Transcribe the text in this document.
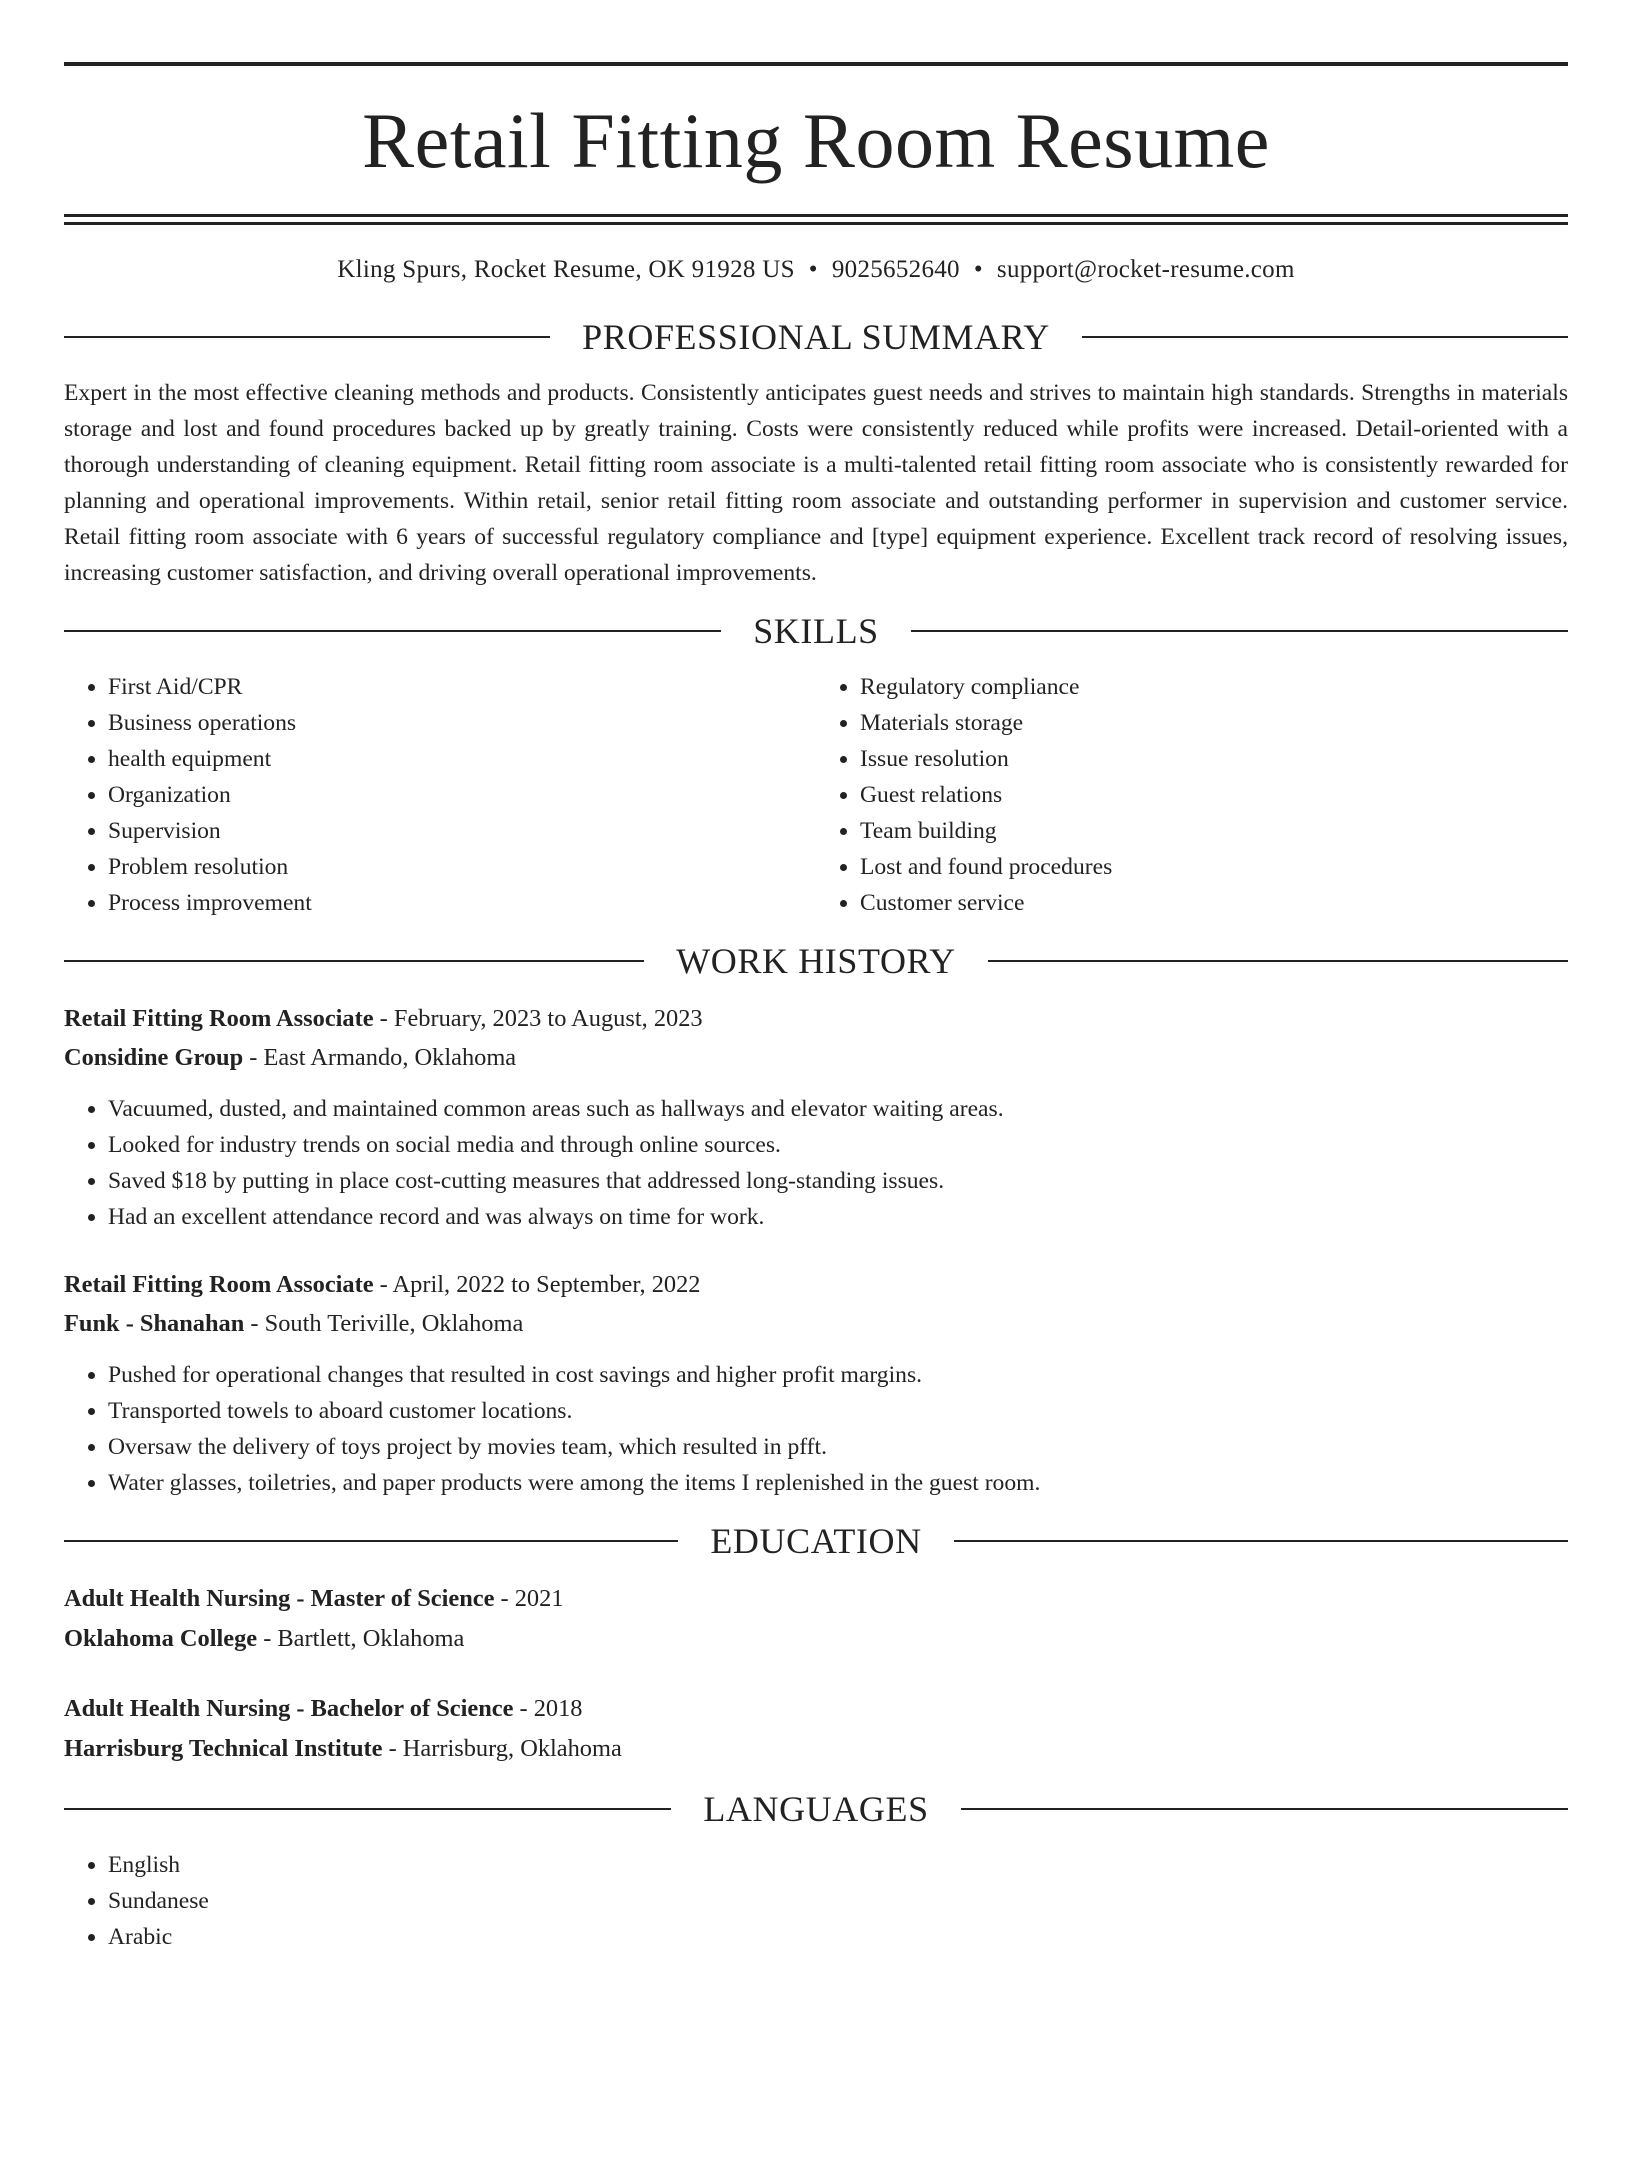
Retail Fitting Room Resume
Kling Spurs, Rocket Resume, OK 91928 US • 9025652640 • support@rocket-resume.com
PROFESSIONAL SUMMARY

Expert in the most effective cleaning methods and products. Consistently anticipates guest needs and strives to maintain high standards. Strengths in materials storage and lost and found procedures backed up by greatly training. Costs were consistently reduced while profits were increased. Detail-oriented with a thorough understanding of cleaning equipment. Retail fitting room associate is a multi-talented retail fitting room associate who is consistently rewarded for planning and operational improvements. Within retail, senior retail fitting room associate and outstanding performer in supervision and customer service. Retail fitting room associate with 6 years of successful regulatory compliance and [type] equipment experience. Excellent track record of resolving issues, increasing customer satisfaction, and driving overall operational improvements.

SKILLS
• First Aid/CPR
• Business operations
• health equipment
• Organization
• Supervision
• Problem resolution
• Process improvement
• Regulatory compliance
• Materials storage
• Issue resolution
• Guest relations
• Team building
• Lost and found procedures
• Customer service
WORK HISTORY
Retail Fitting Room Associate - February, 2023 to August, 2023
Considine Group - East Armando, Oklahoma
• Vacuumed, dusted, and maintained common areas such as hallways and elevator waiting areas.
• Looked for industry trends on social media and through online sources.
• Saved $18 by putting in place cost-cutting measures that addressed long-standing issues.
• Had an excellent attendance record and was always on time for work.
Retail Fitting Room Associate - April, 2022 to September, 2022
Funk - Shanahan - South Teriville, Oklahoma
• Pushed for operational changes that resulted in cost savings and higher profit margins.
• Transported towels to aboard customer locations.
• Oversaw the delivery of toys project by movies team, which resulted in pfft.
• Water glasses, toiletries, and paper products were among the items I replenished in the guest room.
EDUCATION
Adult Health Nursing - Master of Science - 2021
Oklahoma College - Bartlett, Oklahoma
Adult Health Nursing - Bachelor of Science - 2018
Harrisburg Technical Institute - Harrisburg, Oklahoma
LANGUAGES
• English
• Sundanese
• Arabic
